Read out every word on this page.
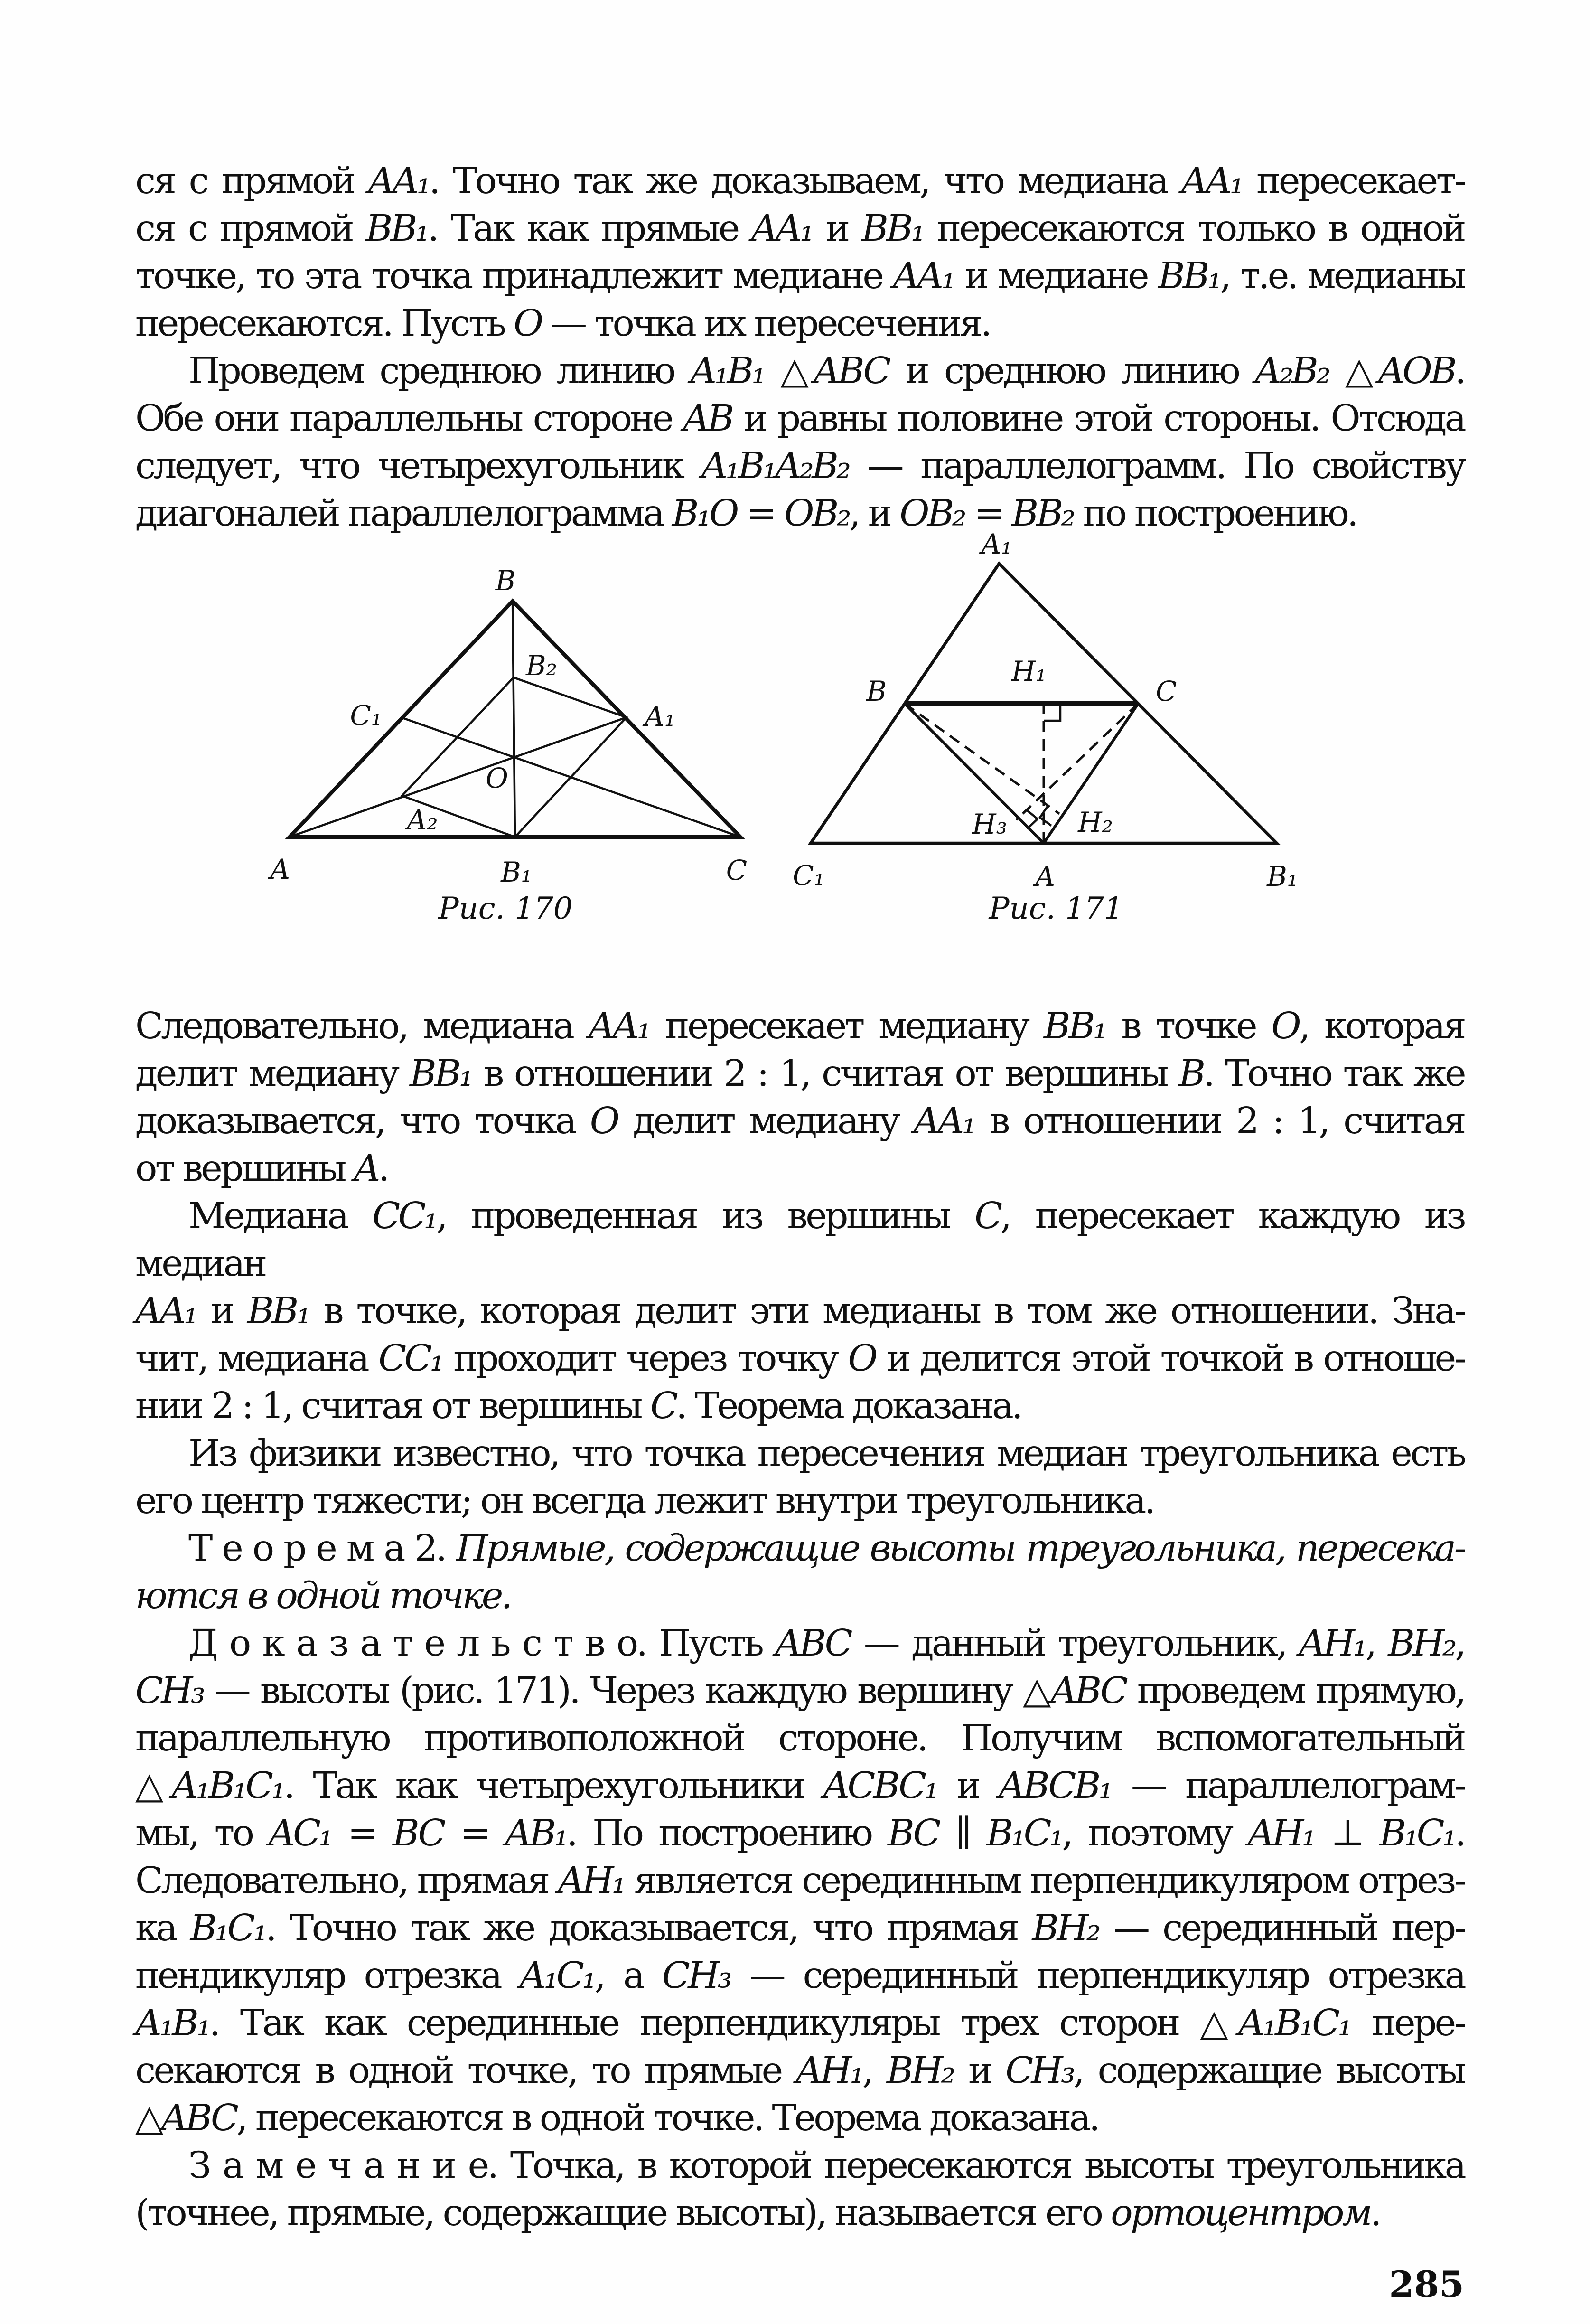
ся с прямой AA₁. Точно так же доказываем, что медиана AA₁ пересекает-
ся с прямой BB₁. Так как прямые AA₁ и BB₁ пересекаются только в одной
точке, то эта точка принадлежит медиане AA₁ и медиане BB₁, т.е. медианы
пересекаются. Пусть O — точка их пересечения.
Проведем среднюю линию A₁B₁ △ABC и среднюю линию A₂B₂ △AOB.
Обе они параллельны стороне AB и равны половине этой стороны. Отсюда
следует, что четырехугольник A₁B₁A₂B₂ — параллелограмм. По свойству
диагоналей параллелограмма B₁O = OB₂, и OB₂ = BB₂ по построению.
B
B₂
C₁	A₁
O
A₂
A	B₁	C
A₁
B
H₁
C
H₃	H₂
C₁	A	B₁
Рис. 170	Рис. 171
Следовательно, медиана AA₁ пересекает медиану BB₁ в точке O, которая
делит медиану BB₁ в отношении 2 : 1, считая от вершины B. Точно так же
доказывается, что точка O делит медиану AA₁ в отношении 2 : 1, считая
от вершины A.
Медиана CC₁, проведенная из вершины C, пересекает каждую из медиан
AA₁ и BB₁ в точке, которая делит эти медианы в том же отношении. Зна-
чит, медиана CC₁ проходит через точку O и делится этой точкой в отноше-
нии 2 : 1, считая от вершины C. Теорема доказана.
Из физики известно, что точка пересечения медиан треугольника есть
его центр тяжести; он всегда лежит внутри треугольника.
Т е о р е м а 2. Прямые, содержащие высоты треугольника, пересека-
ются в одной точке.
Д о к а з а т е л ь с т в о. Пусть ABC — данный треугольник, AH₁, BH₂,
CH₃ — высоты (рис. 171). Через каждую вершину △ABC проведем прямую,
параллельную противоположной стороне. Получим вспомогательный
△A₁B₁C₁. Так как четырехугольники ACBC₁ и ABCB₁ — параллелограм-
мы, то AC₁ = BC = AB₁. По построению BC ∥ B₁C₁, поэтому AH₁ ⊥ B₁C₁.
Следовательно, прямая AH₁ является серединным перпендикуляром отрез-
ка B₁C₁. Точно так же доказывается, что прямая BH₂ — серединный пер-
пендикуляр отрезка A₁C₁, а CH₃ — серединный перпендикуляр отрезка
A₁B₁. Так как серединные перпендикуляры трех сторон △A₁B₁C₁ пере-
секаются в одной точке, то прямые AH₁, BH₂ и CH₃, содержащие высоты
△ABC, пересекаются в одной точке. Теорема доказана.
З а м е ч а н и е. Точка, в которой пересекаются высоты треугольника
(точнее, прямые, содержащие высоты), называется его ортоцентром.
285
